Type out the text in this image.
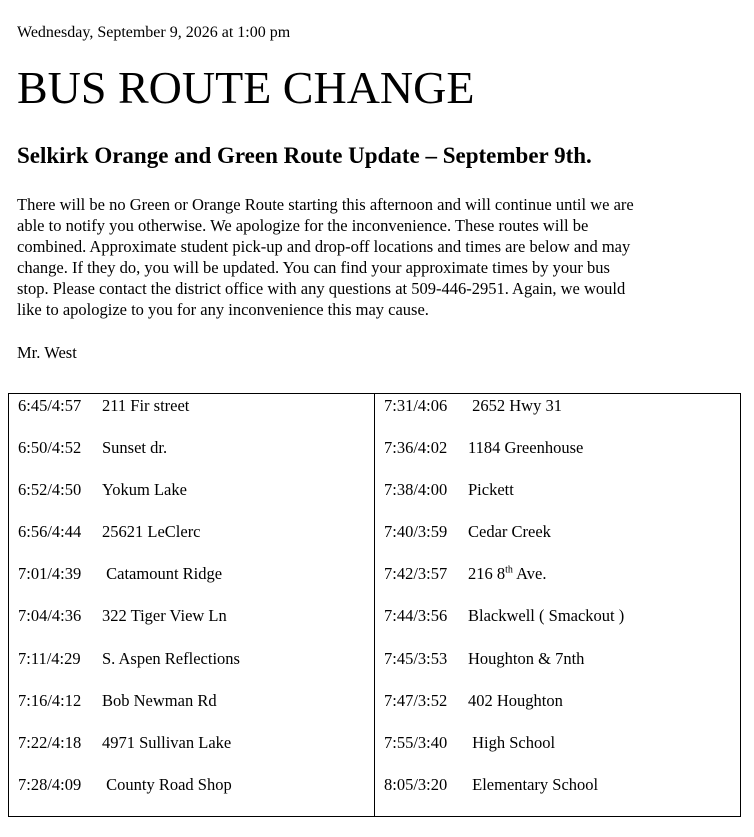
Wednesday, September 9, 2026 at 1:00 pm
BUS ROUTE CHANGE
Selkirk Orange and Green Route Update – September 9th.
There will be no Green or Orange Route starting this afternoon and will continue until we are
able to notify you otherwise. We apologize for the inconvenience. These routes will be
combined. Approximate student pick-up and drop-off locations and times are below and may
change. If they do, you will be updated. You can find your approximate times by your bus
stop. Please contact the district office with any questions at 509-446-2951. Again, we would
like to apologize to you for any inconvenience this may cause.
Mr. West
6:45/4:57	211 Fir street
6:50/4:52	Sunset dr.
6:52/4:50	Yokum Lake
6:56/4:44	25621 LeClerc
7:01/4:39	Catamount Ridge
7:04/4:36	322 Tiger View Ln
7:11/4:29	S. Aspen Reflections
7:16/4:12	Bob Newman Rd
7:22/4:18	4971 Sullivan Lake
7:28/4:09	County Road Shop
7:31/4:06	2652 Hwy 31
7:36/4:02	1184 Greenhouse
7:38/4:00	Pickett
7:40/3:59	Cedar Creek
7:42/3:57	216 8th Ave.
7:44/3:56	Blackwell ( Smackout )
7:45/3:53	Houghton & 7nth
7:47/3:52	402 Houghton
7:55/3:40	High School
8:05/3:20	Elementary School
